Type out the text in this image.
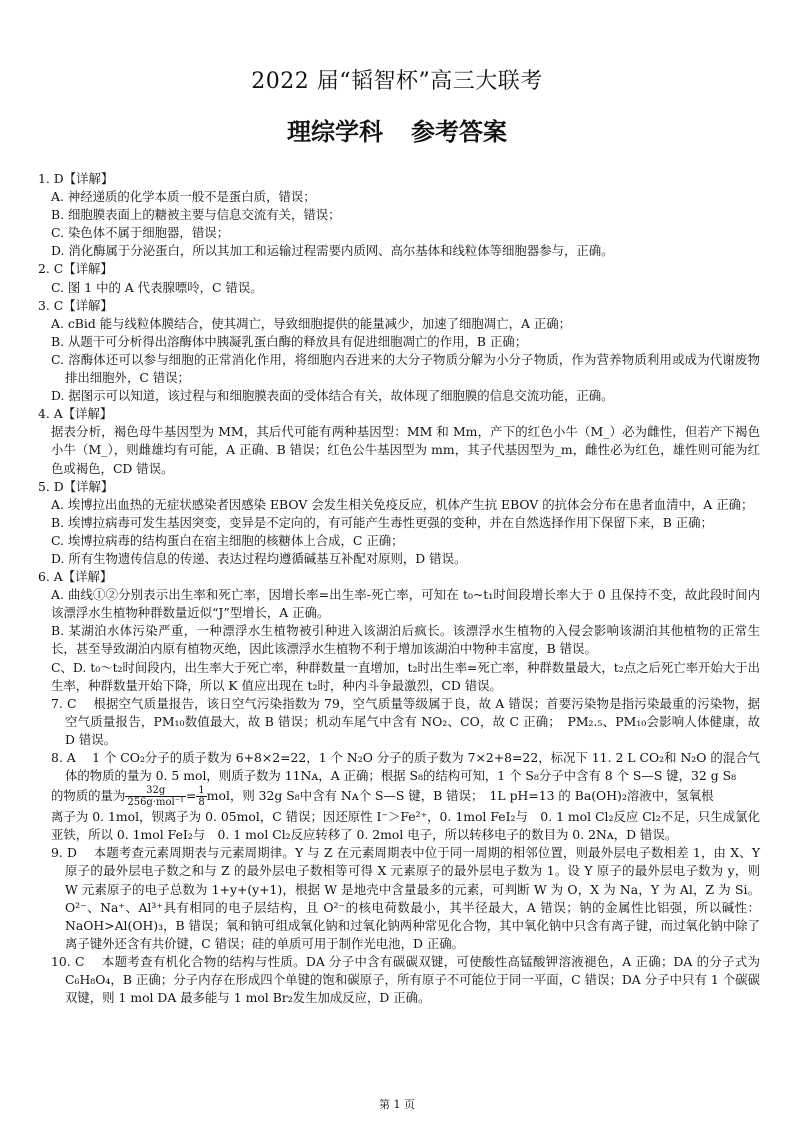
2022 届“韬智杯”高三大联考
理综学科 参考答案

1. D【详解】

A. 神经递质的化学本质一般不是蛋白质，错误；

B. 细胞膜表面上的糖被主要与信息交流有关，错误；

C. 染色体不属于细胞器，错误；

D. 消化酶属于分泌蛋白，所以其加工和运输过程需要内质网、高尔基体和线粒体等细胞器参与，正确。

2. C【详解】

C. 图 1 中的 A 代表腺嘌呤，C 错误。

3. C【详解】

A. cBid 能与线粒体膜结合，使其凋亡，导致细胞提供的能量减少，加速了细胞凋亡，A 正确；

B. 从题干可分析得出溶酶体中胰凝乳蛋白酶的释放具有促进细胞凋亡的作用，B 正确；

C. 溶酶体还可以参与细胞的正常消化作用，将细胞内吞进来的大分子物质分解为小分子物质，作为营养物质利用或成为代谢废物排出细胞外，C 错误；

D. 据图示可以知道，该过程与和细胞膜表面的受体结合有关，故体现了细胞膜的信息交流功能，正确。

4. A【详解】

据表分析，褐色母牛基因型为 MM，其后代可能有两种基因型：MM 和 Mm，产下的红色小牛（M_）必为雌性，但若产下褐色小牛（M_），则雌雄均有可能，A 正确、B 错误；红色公牛基因型为 mm，其子代基因型为_m，雌性必为红色，雄性则可能为红色或褐色，CD 错误。

5. D【详解】

A. 埃博拉出血热的无症状感染者因感染 EBOV 会发生相关免疫反应，机体产生抗 EBOV 的抗体会分布在患者血清中，A 正确；

B. 埃博拉病毒可发生基因突变，变异是不定向的，有可能产生毒性更强的变种，并在自然选择作用下保留下来，B 正确；

C. 埃博拉病毒的结构蛋白在宿主细胞的核糖体上合成，C 正确；

D. 所有生物遗传信息的传递、表达过程均遵循碱基互补配对原则，D 错误。

6. A【详解】

A. 曲线①②分别表示出生率和死亡率，因增长率=出生率-死亡率，可知在 t₀~t₁时间段增长率大于 0 且保持不变，故此段时间内该漂浮水生植物种群数量近似“J”型增长，A 正确。

B. 某湖泊水体污染严重，一种漂浮水生植物被引种进入该湖泊后疯长。该漂浮水生植物的入侵会影响该湖泊其他植物的正常生长，甚至导致湖泊内原有植物灭绝，因此该漂浮水生植物不利于增加该湖泊中物种丰富度，B 错误。

C、D. t₀～t₂时间段内，出生率大于死亡率，种群数量一直增加，t₂时出生率=死亡率，种群数量最大，t₂点之后死亡率开始大于出生率，种群数量开始下降，所以 K 值应出现在 t₂时，种内斗争最激烈，CD 错误。

7. C　 根据空气质量报告，该日空气污染指数为 79，空气质量等级属于良，故 A 错误；首要污染物是指污染最重的污染物，据空气质量报告，PM₁₀数值最大，故 B 错误；机动车尾气中含有 NO₂、CO，故 C 正确；　PM₂.₅、PM₁₀会影响人体健康，故 D 错误。

8. A　 1 个 CO₂分子的质子数为 6+8×2=22，1 个 N₂O 分子的质子数为 7×2+8=22，标况下 11. 2 L CO₂和 N₂O 的混合气体的物质的量为 0. 5 mol，则质子数为 11Nᴀ，A 正确；根据 S₈的结构可知，1 个 S₈分子中含有 8 个 S—S 键，32 g S₈

的物质的量为 $\frac{32g}{\text{256g·mol⁻¹}} = \frac{1}{8}$ mol，则 32g S₈中含有 Nᴀ个 S—S 键，B 错误；　1L pH=13 的 Ba(OH)₂溶液中，氢氧根

离子为 0. 1mol，钡离子为 0. 05mol，C 错误；因还原性 I⁻＞Fe²⁺，0. 1mol FeI₂与　0. 1 mol Cl₂反应 Cl₂不足，只生成氯化亚铁，所以 0. 1mol FeI₂与　0. 1 mol Cl₂反应转移了 0. 2mol 电子，所以转移电子的数目为 0. 2Nᴀ，D 错误。

9. D　 本题考查元素周期表与元素周期律。Y 与 Z 在元素周期表中位于同一周期的相邻位置，则最外层电子数相差 1，由 X、Y 原子的最外层电子数之和与 Z 的最外层电子数相等可得 X 元素原子的最外层电子数为 1。设 Y 原子的最外层电子数为 y，则 W 元素原子的电子总数为 1+y+(y+1)，根据 W 是地壳中含量最多的元素，可判断 W 为 O，X 为 Na，Y 为 Al，Z 为 Si。O²⁻、Na⁺、Al³⁺具有相同的电子层结构，且 O²⁻的核电荷数最小，其半径最大，A 错误；钠的金属性比铝强，所以碱性：NaOH>Al(OH)₃，B 错误；氧和钠可组成氧化钠和过氧化钠两种常见化合物，其中氧化钠中只含有离子键，而过氧化钠中除了离子键外还含有共价键，C 错误；硅的单质可用于制作光电池，D 正确。

10. C　 本题考查有机化合物的结构与性质。DA 分子中含有碳碳双键，可使酸性高锰酸钾溶液褪色，A 正确；DA 的分子式为C₆H₈O₄，B 正确；分子内存在形成四个单键的饱和碳原子，所有原子不可能位于同一平面，C 错误；DA 分子中只有 1 个碳碳双键，则 1 mol DA 最多能与 1 mol Br₂发生加成反应，D 正确。

第 1 页
